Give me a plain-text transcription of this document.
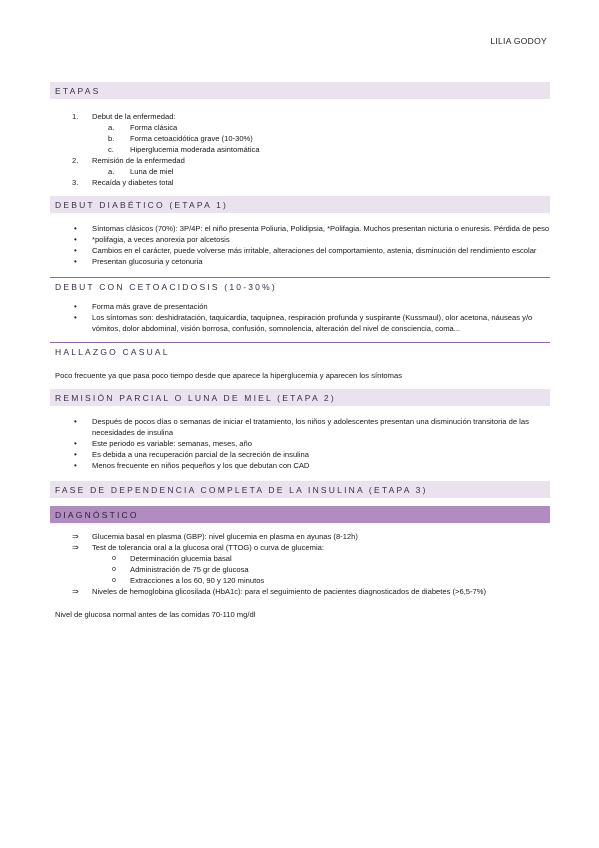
LILIA GODOY
ETAPAS
1.	Debut de la enfermedad:
a.	Forma clásica
b.	Forma cetoacidótica grave (10-30%)
c.	Hiperglucemia moderada asintomática
2.	Remisión de la enfermedad
a.	Luna de miel
3.	Recaída y diabetes total
DEBUT DIABÉTICO (ETAPA 1)
•	Síntomas clásicos (70%): 3P/4P: el niño presenta Poliuria, Polidipsia, *Polifagia. Muchos presentan nicturia o enuresis. Pérdida de peso
•	*polifagia, a veces anorexia por alcetosis
•	Cambios en el carácter, puede volverse más irritable, alteraciones del comportamiento, astenia, disminución del rendimiento escolar
•	Presentan glucosuria y cetonuria
DEBUT CON CETOACIDOSIS (10-30%)
•	Forma más grave de presentación
•	Los síntomas son: deshidratación, taquicardia, taquipnea, respiración profunda y suspirante (Kussmaul), olor acetona, náuseas y/o vómitos, dolor abdominal, visión borrosa, confusión, somnolencia, alteración del nivel de consciencia, coma...
HALLAZGO CASUAL
Poco frecuente ya que pasa poco tiempo desde que aparece la hiperglucemia y aparecen los síntomas
REMISIÓN PARCIAL O LUNA DE MIEL (ETAPA 2)
•	Después de pocos días o semanas de iniciar el tratamiento, los niños y adolescentes presentan una disminución transitoria de las necesidades de insulina
•	Este periodo es variable: semanas, meses, año
•	Es debida a una recuperación parcial de la secreción de insulina
•	Menos frecuente en niños pequeños y los que debutan con CAD
FASE DE DEPENDENCIA COMPLETA DE LA INSULINA (ETAPA 3)
DIAGNÓSTICO
⇒	Glucemia basal en plasma (GBP): nivel glucemia en plasma en ayunas (8-12h)
⇒	Test de tolerancia oral a la glucosa oral (TTOG) o curva de glucemia:
o	Determinación glucemia basal
o	Administración de 75 gr de glucosa
o	Extracciones a los 60, 90 y 120 minutos
⇒	Niveles de hemoglobina glicosilada (HbA1c): para el seguimiento de pacientes diagnosticados de diabetes (>6,5-7%)
Nivel de glucosa normal antes de las comidas 70-110 mg/dl
